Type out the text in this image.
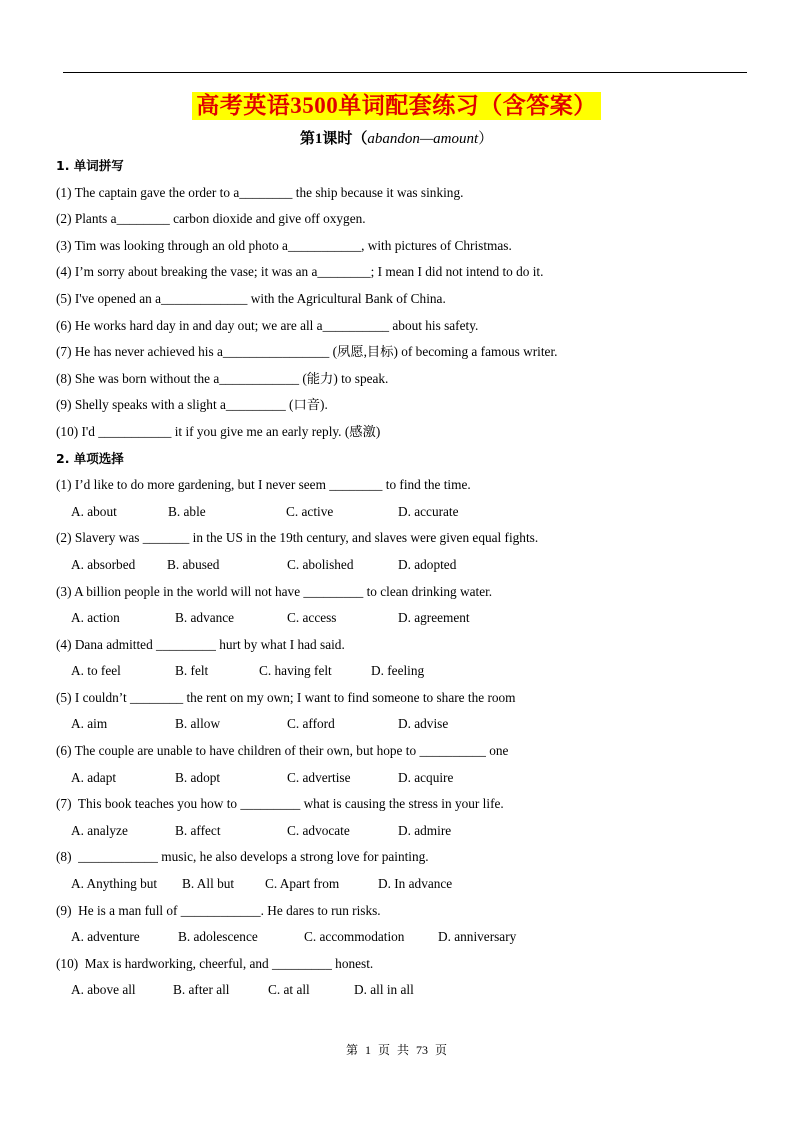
高考英语3500单词配套练习（含答案）
第1课时（abandon—amount）
1. 单词拼写
(1) The captain gave the order to a________ the ship because it was sinking.
(2) Plants a________ carbon dioxide and give off oxygen.
(3) Tim was looking through an old photo a___________, with pictures of Christmas.
(4) I’m sorry about breaking the vase; it was an a________; I mean I did not intend to do it.
(5) I've opened an a_____________ with the Agricultural Bank of China.
(6) He works hard day in and day out; we are all a__________ about his safety.
(7) He has never achieved his a________________ (夙愿,目标) of becoming a famous writer.
(8) She was born without the a____________ (能力) to speak.
(9) Shelly speaks with a slight a_________ (口音).
(10) I'd ___________ it if you give me an early reply. (感激)
2. 单项选择
(1) I’d like to do more gardening, but I never seem ________ to find the time.
A. about	B. able	C. active	D. accurate
(2) Slavery was _______ in the US in the 19th century, and slaves were given equal fights.
A. absorbed	B. abused	C. abolished	D. adopted
(3) A billion people in the world will not have _________ to clean drinking water.
A. action	B. advance	C. access	D. agreement
(4) Dana admitted _________ hurt by what I had said.
A. to feel	B. felt	C. having felt	D. feeling
(5) I couldn’t ________ the rent on my own; I want to find someone to share the room
A. aim	B. allow	C. afford	D. advise
(6) The couple are unable to have children of their own, but hope to __________ one
A. adapt	B. adopt	C. advertise	D. acquire
(7)  This book teaches you how to _________ what is causing the stress in your life.
A. analyze	B. affect	C. advocate	D. admire
(8)  ____________ music, he also develops a strong love for painting.
A. Anything but	B. All but	C. Apart from	D. In advance
(9)  He is a man full of ____________. He dares to run risks.
A. adventure	B. adolescence	C. accommodation	D. anniversary
(10)  Max is hardworking, cheerful, and _________ honest.
A. above all	B. after all	C. at all	D. all in all
第 1 页 共 73 页
